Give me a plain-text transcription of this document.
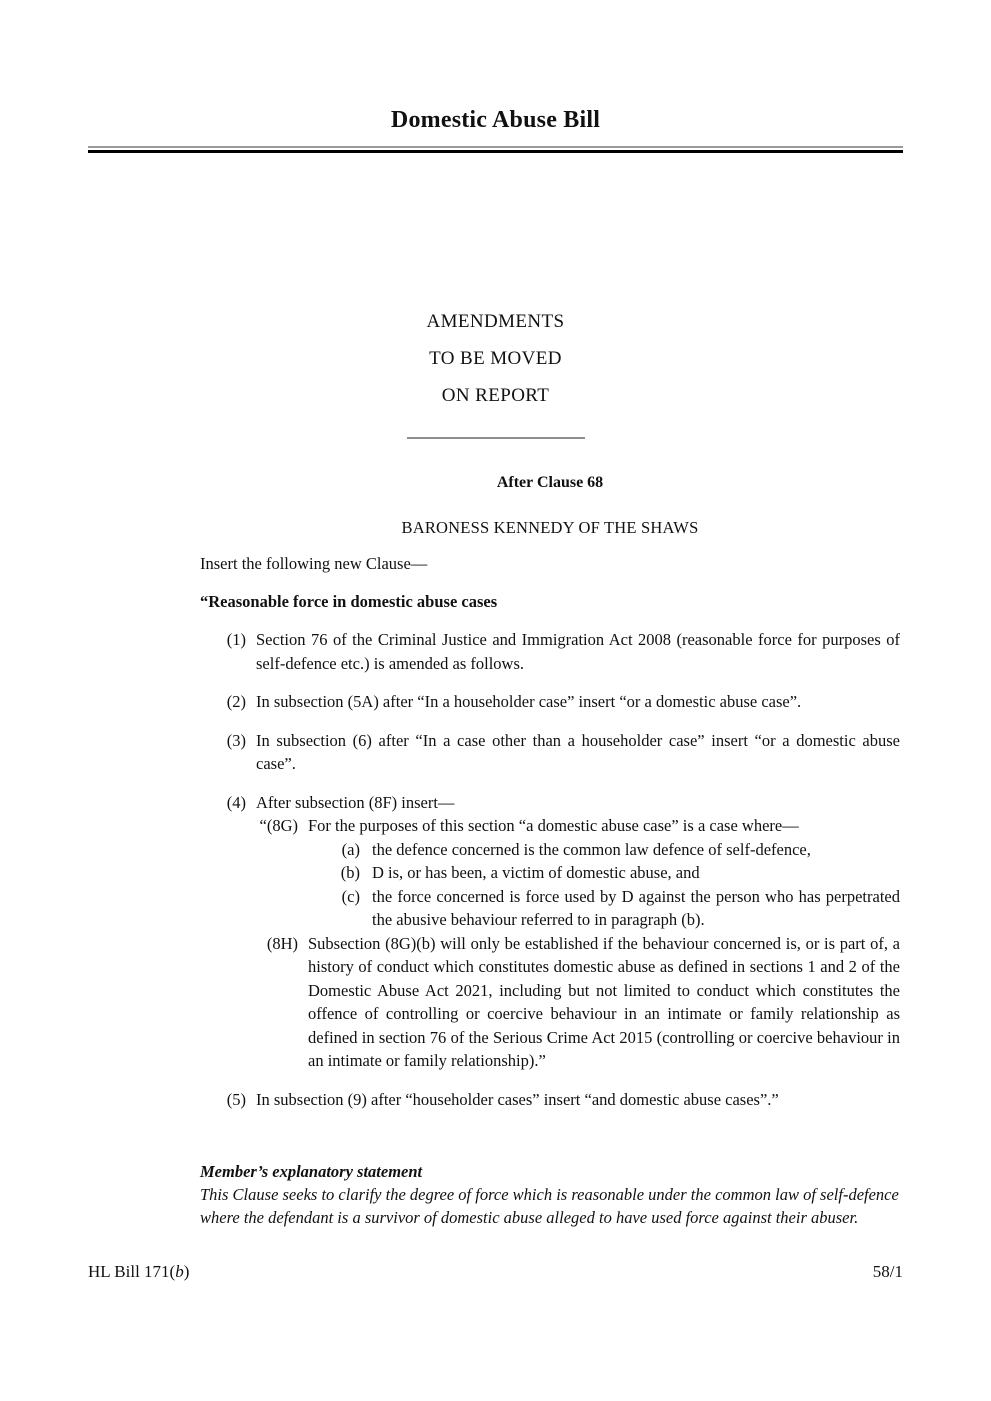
Domestic Abuse Bill
AMENDMENTS
TO BE MOVED
ON REPORT
After Clause 68
BARONESS KENNEDY OF THE SHAWS
Insert the following new Clause—
“Reasonable force in domestic abuse cases
(1) Section 76 of the Criminal Justice and Immigration Act 2008 (reasonable force for purposes of self-defence etc.) is amended as follows.
(2) In subsection (5A) after “In a householder case” insert “or a domestic abuse case”.
(3) In subsection (6) after “In a case other than a householder case” insert “or a domestic abuse case”.
(4) After subsection (8F) insert—
“(8G) For the purposes of this section “a domestic abuse case” is a case where—
(a) the defence concerned is the common law defence of self-defence,
(b) D is, or has been, a victim of domestic abuse, and
(c) the force concerned is force used by D against the person who has perpetrated the abusive behaviour referred to in paragraph (b).
(8H) Subsection (8G)(b) will only be established if the behaviour concerned is, or is part of, a history of conduct which constitutes domestic abuse as defined in sections 1 and 2 of the Domestic Abuse Act 2021, including but not limited to conduct which constitutes the offence of controlling or coercive behaviour in an intimate or family relationship as defined in section 76 of the Serious Crime Act 2015 (controlling or coercive behaviour in an intimate or family relationship).”
(5) In subsection (9) after “householder cases” insert “and domestic abuse cases”.”
Member’s explanatory statement
This Clause seeks to clarify the degree of force which is reasonable under the common law of self-defence where the defendant is a survivor of domestic abuse alleged to have used force against their abuser.
HL Bill 171(b)	58/1
